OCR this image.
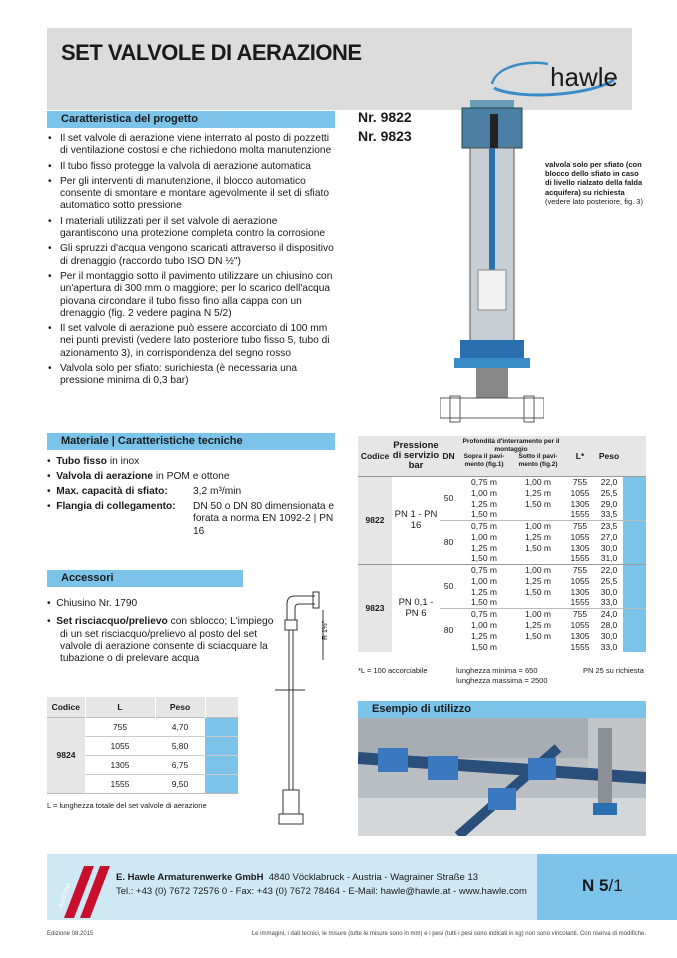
SET VALVOLE DI AERAZIONE
hawle
Caratteristica del progetto
• Il set valvole di aerazione viene interrato al posto di pozzetti di ventilazione costosi e che richiedono molta manutenzione
• Il tubo fisso protegge la valvola di aerazione automatica
• Per gli interventi di manutenzione, il blocco automatico consente di smontare e montare agevolmente il set di sfiato automatico sotto pressione
• I materiali utilizzati per il set valvole di aerazione garantiscono una protezione completa contro la corrosione
• Gli spruzzi d'acqua vengono scaricati attraverso il dispositivo di drenaggio (raccordo tubo ISO DN ½")
• Per il montaggio sotto il pavimento utilizzare un chiusino con un'apertura di 300 mm o maggiore; per lo scarico dell'acqua piovana circondare il tubo fisso fino alla cappa con un drenaggio (fig. 2 vedere pagina N 5/2)
• Il set valvole di aerazione può essere accorciato di 100 mm nei punti previsti (vedere lato posteriore tubo fisso 5, tubo di azionamento 3), in corrispondenza del segno rosso
• Valvola solo per sfiato: surichiesta (è necessaria una pressione minima di 0,3 bar)
Materiale | Caratteristiche tecniche
•  Tubo fisso in inox
•  Valvola di aerazione in POM e ottone
•  Max. capacità di sfiato:	3,2 m³/min
•  Flangia di collegamento:	DN 50 o DN 80 dimensionata e forata a norma EN 1092-2 | PN 16
Accessori
•  Chiusino Nr. 1790
•  Set risciacquo/prelievo con sblocco; L'impiego di un set risciacquo/prelievo al posto del set valvole di aerazione consente di sciacquare la tubazione o di prelevare acqua
R 1½"
Codice	L	Peso	
9824	755	4,70	
	1055	5,80	
	1305	6,75	
	1555	9,50	
L = lunghezza totale del set valvole di aerazione
Nr. 9822
Nr. 9823
valvola solo per sfiato (con blocco dello sfiato in caso di livello rialzato della falda acquifera) su richiesta
(vedere lato posteriore, fig. 3)
Codice	Pressione di servizio bar	DN	Profondità d'interramento per il montaggio
Sopra il pavi-mento (fig.1)
Sotto il pavi-mento (fig.2)		L*	Peso	
9822	PN 1 - PN 16	50	0,75 m	1,00 m	755	22,0	
			1,00 m	1,25 m	1055	25,5	
			1,25 m	1,50 m	1305	29,0	
			1,50 m		1555	33,5	
		80	0,75 m	1,00 m	755	23,5	
			1,00 m	1,25 m	1055	27,0	
			1,25 m	1,50 m	1305	30,0	
			1,50 m		1555	31,0	
9823	PN 0,1 - PN 6	50	0,75 m	1,00 m	755	22,0	
			1,00 m	1,25 m	1055	25,5	
			1,25 m	1,50 m	1305	30,0	
			1,50 m		1555	33,0	
		80	0,75 m	1,00 m	755	24,0	
			1,00 m	1,25 m	1055	28,0	
			1,25 m	1,50 m	1305	30,0	
			1,50 m		1555	33,0	
*L = 100 accorciabile	lunghezza minima = 650
lunghezza massima = 2500
PN 25 su richiesta
Esempio di utilizzo
AUSTRIA
E. Hawle Armaturenwerke GmbH 4840 Vöcklabruck - Austria - Wagrainer Straße 13
Tel.: +43 (0) 7672 72576 0 - Fax: +43 (0) 7672 78464 - E-Mail: hawle@hawle.at - www.hawle.com	N 5/1
Edizione 08.2015	Le immagini, i dati tecnici, le misure (tutte le misure sono in mm) e i pesi (tutti i pesi sono indicati in kg) non sono vincolanti. Con riserva di modifiche.
